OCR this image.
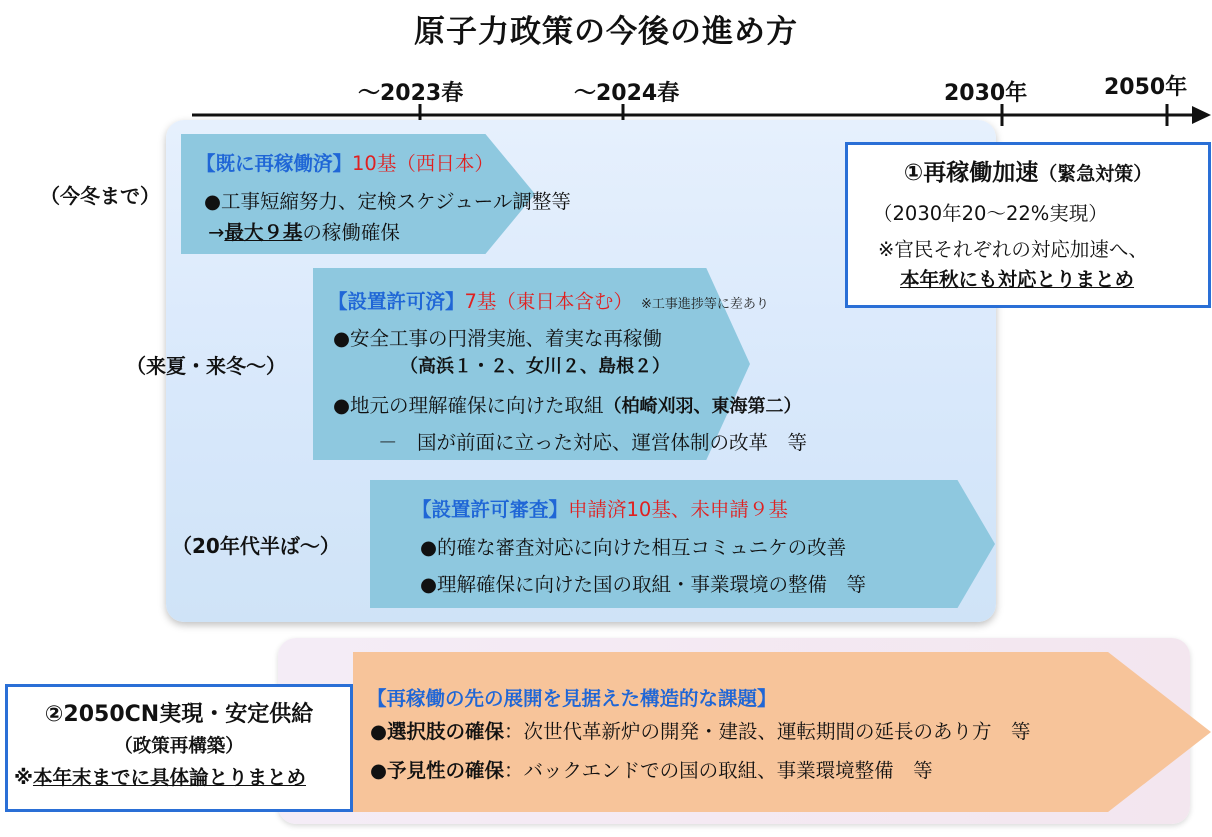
原子力政策の今後の進め方
～2023春	～2024春	2030年	2050年
（今冬まで）
（来夏・来冬～）
（20年代半ば～）
【既に再稼働済】10基（西日本）
●工事短縮努力、定検スケジュール調整等
→最大９基の稼働確保
【設置許可済】7基（東日本含む） ※工事進捗等に差あり
●安全工事の円滑実施、着実な再稼働
（高浜１・２、女川２、島根２）
●地元の理解確保に向けた取組（柏崎刈羽、東海第二）
－　国が前面に立った対応、運営体制の改革　等
【設置許可審査】申請済10基、未申請９基
●的確な審査対応に向けた相互コミュニケの改善
●理解確保に向けた国の取組・事業環境の整備　等
①再稼働加速（緊急対策）
（2030年20～22%実現）
※官民それぞれの対応加速へ、
本年秋にも対応とりまとめ
【再稼働の先の展開を見据えた構造的な課題】
●選択肢の確保：次世代革新炉の開発・建設、運転期間の延長のあり方　等
●予見性の確保：バックエンドでの国の取組、事業環境整備　等
②2050CN実現・安定供給
（政策再構築）
※本年末までに具体論とりまとめ
